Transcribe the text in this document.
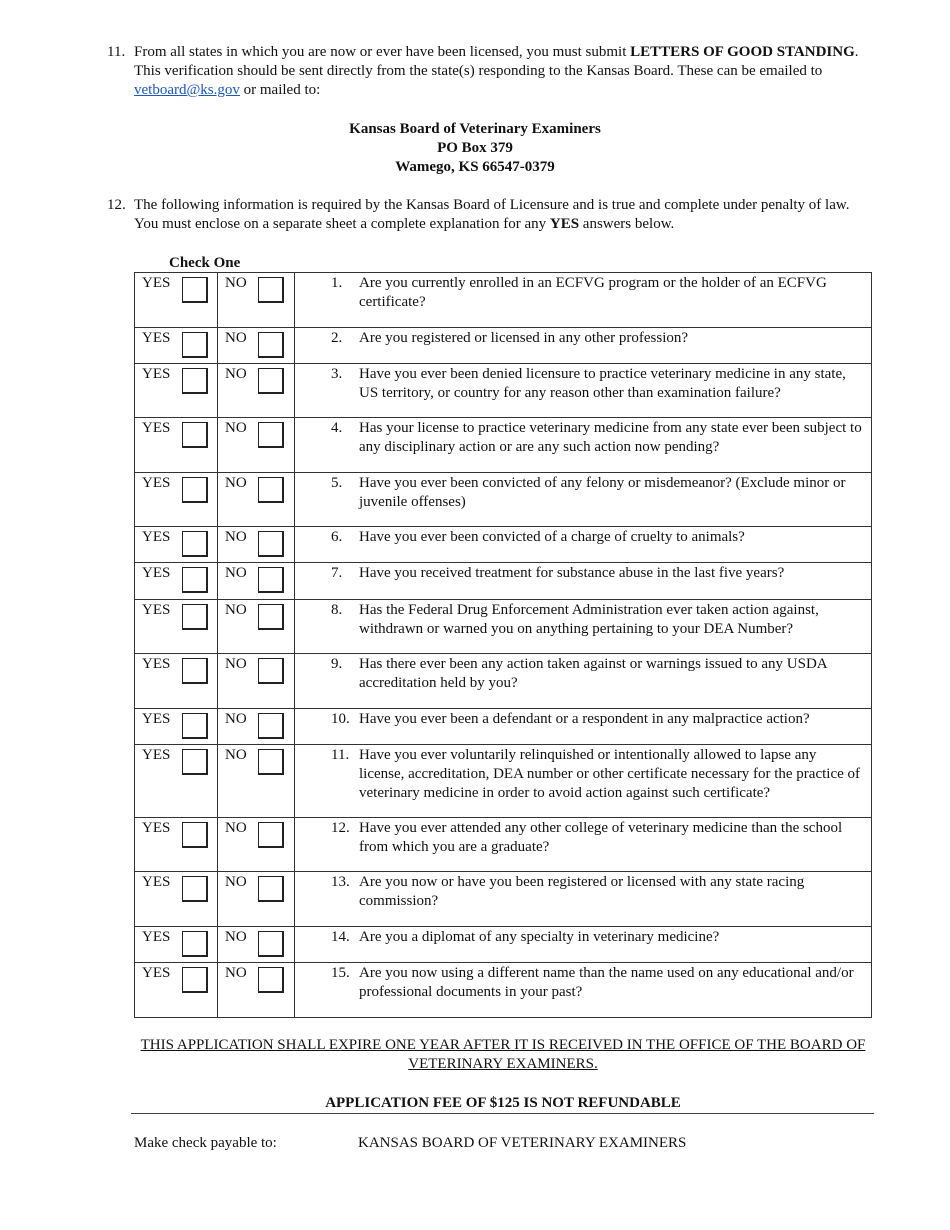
11. From all states in which you are now or ever have been licensed, you must submit LETTERS OF GOOD STANDING. This verification should be sent directly from the state(s) responding to the Kansas Board. These can be emailed to vetboard@ks.gov or mailed to:
Kansas Board of Veterinary Examiners
PO Box 379
Wamego, KS 66547-0379
12. The following information is required by the Kansas Board of Licensure and is true and complete under penalty of law. You must enclose on a separate sheet a complete explanation for any YES answers below.
Check One
YES	NO	1. Are you currently enrolled in an ECFVG program or the holder of an ECFVG certificate?

YES	NO	2. Are you registered or licensed in any other profession?

YES	NO	3. Have you ever been denied licensure to practice veterinary medicine in any state, US territory, or country for any reason other than examination failure?

YES	NO	4. Has your license to practice veterinary medicine from any state ever been subject to any disciplinary action or are any such action now pending?

YES	NO	5. Have you ever been convicted of any felony or misdemeanor? (Exclude minor or juvenile offenses)

YES	NO	6. Have you ever been convicted of a charge of cruelty to animals?

YES	NO	7. Have you received treatment for substance abuse in the last five years?

YES	NO	8. Has the Federal Drug Enforcement Administration ever taken action against, withdrawn or warned you on anything pertaining to your DEA Number?

YES	NO	9. Has there ever been any action taken against or warnings issued to any USDA accreditation held by you?

YES	NO	10. Have you ever been a defendant or a respondent in any malpractice action?

YES	NO	11. Have you ever voluntarily relinquished or intentionally allowed to lapse any license, accreditation, DEA number or other certificate necessary for the practice of veterinary medicine in order to avoid action against such certificate?

YES	NO	12. Have you ever attended any other college of veterinary medicine than the school from which you are a graduate?

YES	NO	13. Are you now or have you been registered or licensed with any state racing commission?

YES	NO	14. Are you a diplomat of any specialty in veterinary medicine?

YES	NO	15. Are you now using a different name than the name used on any educational and/or professional documents in your past?
THIS APPLICATION SHALL EXPIRE ONE YEAR AFTER IT IS RECEIVED IN THE OFFICE OF THE BOARD OF VETERINARY EXAMINERS.
APPLICATION FEE OF $125 IS NOT REFUNDABLE
Make check payable to:	KANSAS BOARD OF VETERINARY EXAMINERS
